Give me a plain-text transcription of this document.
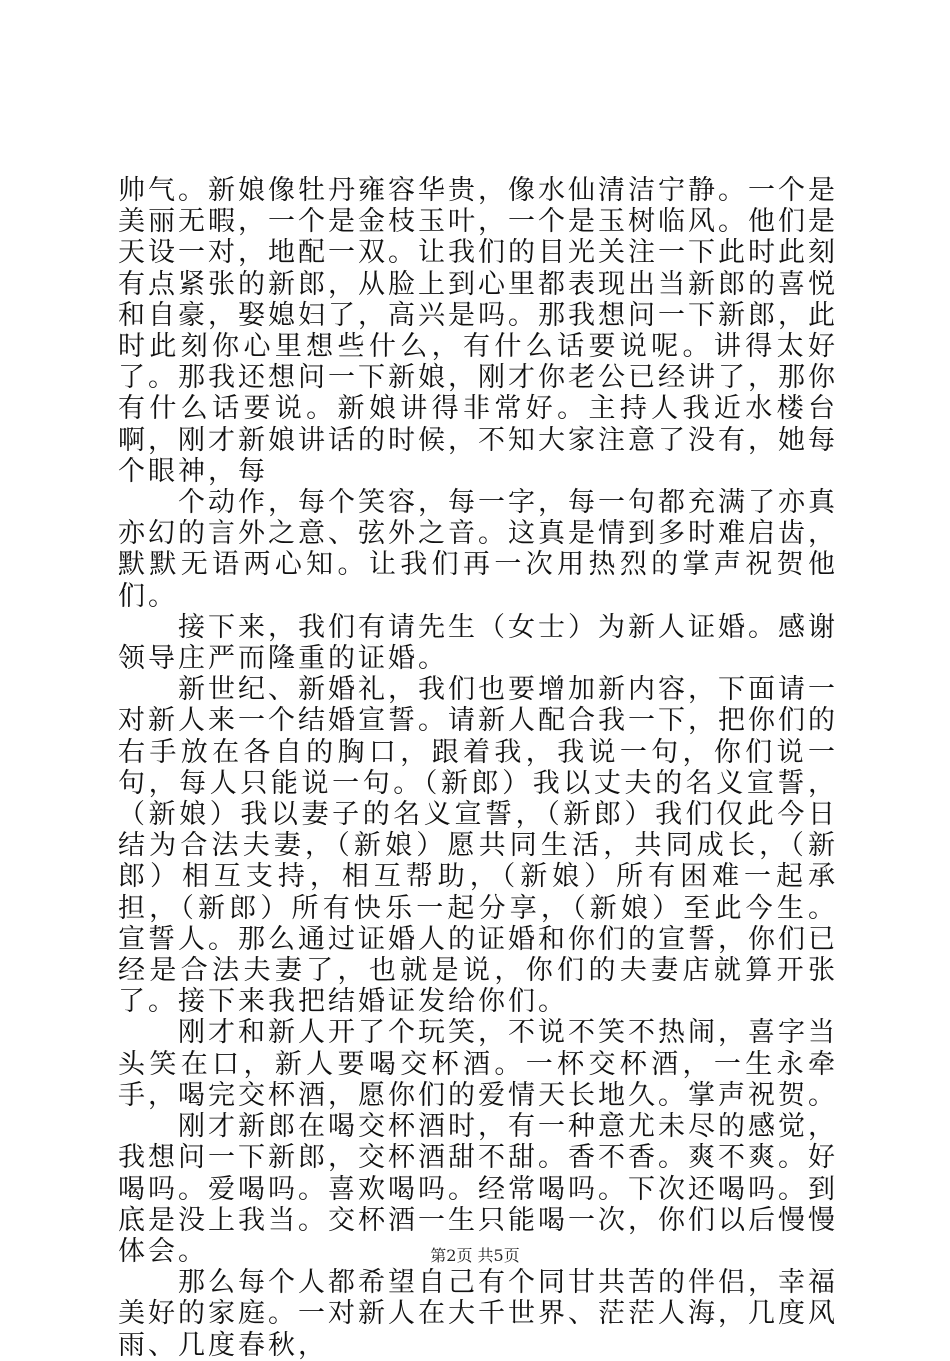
帅气。新娘像牡丹雍容华贵，像水仙清洁宁静。一个是美丽无暇，一个是金枝玉叶，一个是玉树临风。他们是天设一对，地配一双。让我们的目光关注一下此时此刻有点紧张的新郎，从脸上到心里都表现出当新郎的喜悦和自豪，娶媳妇了，高兴是吗。那我想问一下新郎，此时此刻你心里想些什么，有什么话要说呢。讲得太好了。那我还想问一下新娘，刚才你老公已经讲了，那你有什么话要说。新娘讲得非常好。主持人我近水楼台啊，刚才新娘讲话的时候，不知大家注意了没有，她每个眼神，每

个动作，每个笑容，每一字，每一句都充满了亦真亦幻的言外之意、弦外之音。这真是情到多时难启齿，默默无语两心知。让我们再一次用热烈的掌声祝贺他们。

接下来，我们有请先生（女士）为新人证婚。感谢领导庄严而隆重的证婚。

新世纪、新婚礼，我们也要增加新内容，下面请一对新人来一个结婚宣誓。请新人配合我一下，把你们的右手放在各自的胸口，跟着我，我说一句，你们说一句，每人只能说一句。（新郎）我以丈夫的名义宣誓，（新娘）我以妻子的名义宣誓，（新郎）我们仅此今日结为合法夫妻，（新娘）愿共同生活，共同成长，（新郎）相互支持，相互帮助，（新娘）所有困难一起承担，（新郎）所有快乐一起分享，（新娘）至此今生。宣誓人。那么通过证婚人的证婚和你们的宣誓，你们已经是合法夫妻了，也就是说，你们的夫妻店就算开张了。接下来我把结婚证发给你们。

刚才和新人开了个玩笑，不说不笑不热闹，喜字当头笑在口，新人要喝交杯酒。一杯交杯酒，一生永牵手，喝完交杯酒，愿你们的爱情天长地久。掌声祝贺。

刚才新郎在喝交杯酒时，有一种意尤未尽的感觉，我想问一下新郎，交杯酒甜不甜。香不香。爽不爽。好喝吗。爱喝吗。喜欢喝吗。经常喝吗。下次还喝吗。到底是没上我当。交杯酒一生只能喝一次，你们以后慢慢体会。

那么每个人都希望自己有个同甘共苦的伴侣，幸福美好的家庭。一对新人在大千世界、茫茫人海，几度风雨、几度春秋，

第2页 共5页
